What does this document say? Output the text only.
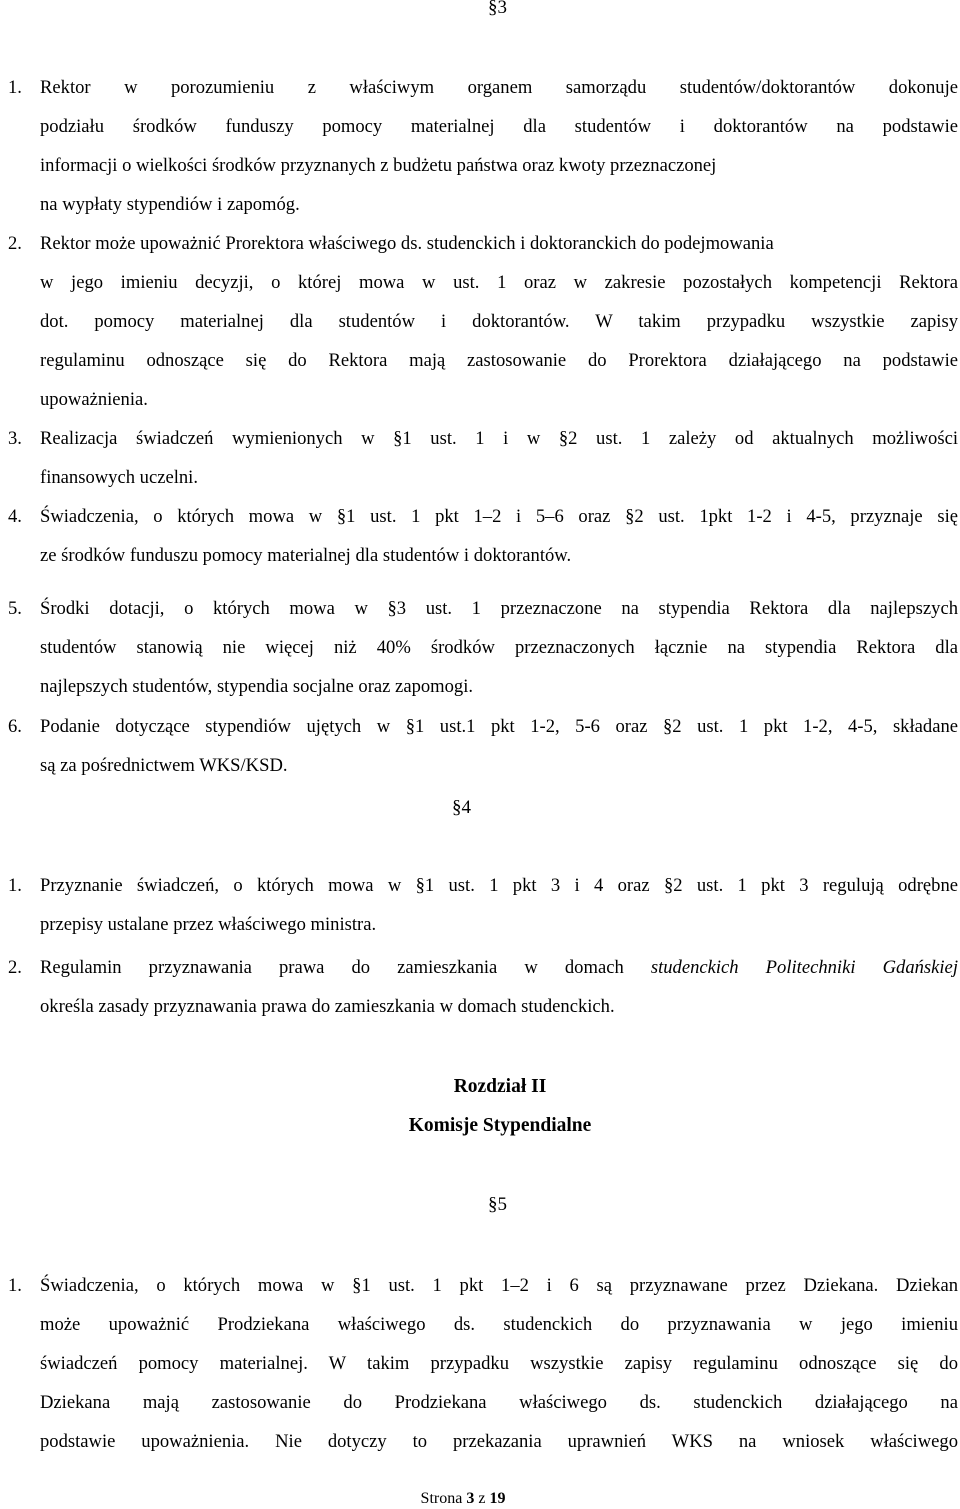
§3
1. Rektor w porozumieniu z właściwym organem samorządu studentów/doktorantów dokonuje
podziału środków funduszy pomocy materialnej dla studentów i doktorantów na podstawie
informacji o wielkości środków przyznanych z budżetu państwa oraz kwoty przeznaczonej
na wypłaty stypendiów i zapomóg.
2. Rektor może upoważnić Prorektora właściwego ds. studenckich i doktoranckich do podejmowania
w jego imieniu decyzji, o której mowa w ust. 1 oraz w zakresie pozostałych kompetencji Rektora
dot. pomocy materialnej dla studentów i doktorantów. W takim przypadku wszystkie zapisy
regulaminu odnoszące się do Rektora mają zastosowanie do Prorektora działającego na podstawie
upoważnienia.
3. Realizacja świadczeń wymienionych w §1 ust. 1 i w §2 ust. 1 zależy od aktualnych możliwości
finansowych uczelni.
4. Świadczenia, o których mowa w §1 ust. 1 pkt 1–2 i 5–6 oraz §2 ust. 1pkt 1-2 i 4-5, przyznaje się
ze środków funduszu pomocy materialnej dla studentów i doktorantów.
5. Środki dotacji, o których mowa w §3 ust. 1 przeznaczone na stypendia Rektora dla najlepszych
studentów stanowią nie więcej niż 40% środków przeznaczonych łącznie na stypendia Rektora dla
najlepszych studentów, stypendia socjalne oraz zapomogi.
6. Podanie dotyczące stypendiów ujętych w §1 ust.1 pkt 1-2, 5-6 oraz §2 ust. 1 pkt 1-2, 4-5, składane
są za pośrednictwem WKS/KSD.
§4
1. Przyznanie świadczeń, o których mowa w §1 ust. 1 pkt 3 i 4 oraz §2 ust. 1 pkt 3 regulują odrębne
przepisy ustalane przez właściwego ministra.
2. Regulamin przyznawania prawa do zamieszkania w domach studenckich Politechniki Gdańskiej
określa zasady przyznawania prawa do zamieszkania w domach studenckich.
Rozdział II
Komisje Stypendialne
§5
1. Świadczenia, o których mowa w §1 ust. 1 pkt 1–2 i 6 są przyznawane przez Dziekana. Dziekan
może upoważnić Prodziekana właściwego ds. studenckich do przyznawania w jego imieniu
świadczeń pomocy materialnej. W takim przypadku wszystkie zapisy regulaminu odnoszące się do
Dziekana mają zastosowanie do Prodziekana właściwego ds. studenckich działającego na
podstawie upoważnienia. Nie dotyczy to przekazania uprawnień WKS na wniosek właściwego
Strona 3 z 19
